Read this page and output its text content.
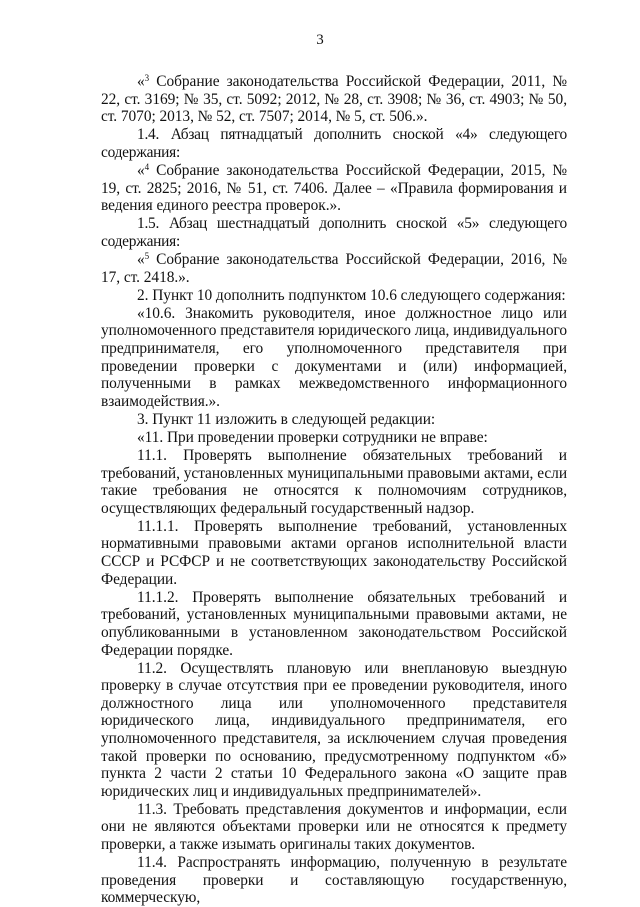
3

«$^3$ Собрание законодательства Российской Федерации, 2011, № 22, ст. 3169; № 35, ст. 5092; 2012, № 28, ст. 3908; № 36, ст. 4903; № 50, ст. 7070; 2013, № 52, ст. 7507; 2014, № 5, ст. 506.».

1.4. Абзац пятнадцатый дополнить сноской «4» следующего содержания:

«$^4$ Собрание законодательства Российской Федерации, 2015, № 19, ст. 2825; 2016, № 51, ст. 7406. Далее – «Правила формирования и ведения единого реестра проверок.».

1.5. Абзац шестнадцатый дополнить сноской «5» следующего содержания:

«$^5$ Собрание законодательства Российской Федерации, 2016, № 17, ст. 2418.».

2. Пункт 10 дополнить подпунктом 10.6 следующего содержания:

«10.6. Знакомить руководителя, иное должностное лицо или уполномоченного представителя юридического лица, индивидуального предпринимателя, его уполномоченного представителя при проведении проверки с документами и (или) информацией, полученными в рамках межведомственного информационного взаимодействия.».

3. Пункт 11 изложить в следующей редакции:

«11. При проведении проверки сотрудники не вправе:

11.1. Проверять выполнение обязательных требований и требований, установленных муниципальными правовыми актами, если такие требования не относятся к полномочиям сотрудников, осуществляющих федеральный государственный надзор.

11.1.1. Проверять выполнение требований, установленных нормативными правовыми актами органов исполнительной власти СССР и РСФСР и не соответствующих законодательству Российской Федерации.

11.1.2. Проверять выполнение обязательных требований и требований, установленных муниципальными правовыми актами, не опубликованными в установленном законодательством Российской Федерации порядке.

11.2. Осуществлять плановую или внеплановую выездную проверку в случае отсутствия при ее проведении руководителя, иного должностного лица или уполномоченного представителя юридического лица, индивидуального предпринимателя, его уполномоченного представителя, за исключением случая проведения такой проверки по основанию, предусмотренному подпунктом «б» пункта 2 части 2 статьи 10 Федерального закона «О защите прав юридических лиц и индивидуальных предпринимателей».

11.3. Требовать представления документов и информации, если они не являются объектами проверки или не относятся к предмету проверки, а также изымать оригиналы таких документов.

11.4. Распространять информацию, полученную в результате проведения проверки и составляющую государственную, коммерческую,
